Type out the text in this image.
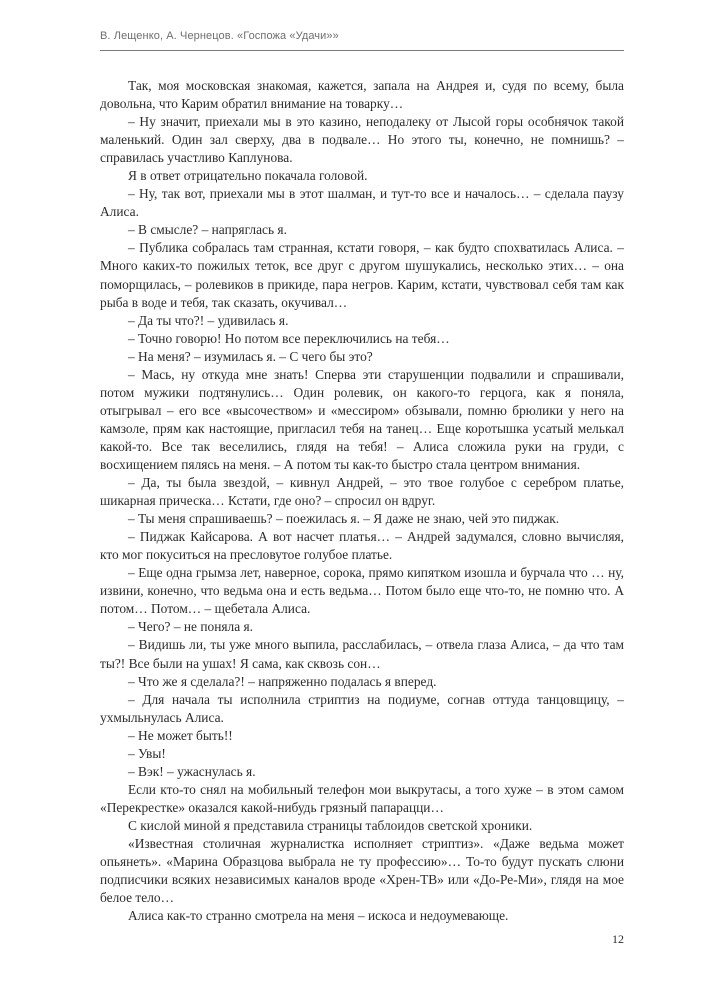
В. Лещенко, А. Чернецов. «Госпожа «Удачи»»

Так, моя московская знакомая, кажется, запала на Андрея и, судя по всему, была довольна, что Карим обратил внимание на товарку…

– Ну значит, приехали мы в это казино, неподалеку от Лысой горы особнячок такой маленький. Один зал сверху, два в подвале… Но этого ты, конечно, не помнишь? – справилась участливо Каплунова.

Я в ответ отрицательно покачала головой.

– Ну, так вот, приехали мы в этот шалман, и тут-то все и началось… – сделала паузу Алиса.

– В смысле? – напряглась я.

– Публика собралась там странная, кстати говоря, – как будто спохватилась Алиса. – Много каких-то пожилых теток, все друг с другом шушукались, несколько этих… – она поморщилась, – ролевиков в прикиде, пара негров. Карим, кстати, чувствовал себя там как рыба в воде и тебя, так сказать, окучивал…

– Да ты что?! – удивилась я.

– Точно говорю! Но потом все переключились на тебя…

– На меня? – изумилась я. – С чего бы это?

– Мась, ну откуда мне знать! Сперва эти старушенции подвалили и спрашивали, потом мужики подтянулись… Один ролевик, он какого-то герцога, как я поняла, отыгрывал – его все «высочеством» и «мессиром» обзывали, помню брюлики у него на камзоле, прям как настоящие, пригласил тебя на танец… Еще коротышка усатый мелькал какой-то. Все так веселились, глядя на тебя! – Алиса сложила руки на груди, с восхищением пялясь на меня. – А потом ты как-то быстро стала центром внимания.

– Да, ты была звездой, – кивнул Андрей, – это твое голубое с серебром платье, шикарная прическа… Кстати, где оно? – спросил он вдруг.

– Ты меня спрашиваешь? – поежилась я. – Я даже не знаю, чей это пиджак.

– Пиджак Кайсарова. А вот насчет платья… – Андрей задумался, словно вычисляя, кто мог покуситься на пресловутое голубое платье.

– Еще одна грымза лет, наверное, сорока, прямо кипятком изошла и бурчала что … ну, извини, конечно, что ведьма она и есть ведьма… Потом было еще что-то, не помню что. А потом… Потом… – щебетала Алиса.

– Чего? – не поняла я.

– Видишь ли, ты уже много выпила, расслабилась, – отвела глаза Алиса, – да что там ты?! Все были на ушах! Я сама, как сквозь сон…

– Что же я сделала?! – напряженно подалась я вперед.

– Для начала ты исполнила стриптиз на подиуме, согнав оттуда танцовщицу, – ухмыльнулась Алиса.

– Не может быть!!

– Увы!

– Вэк! – ужаснулась я.

Если кто-то снял на мобильный телефон мои выкрутасы, а того хуже – в этом самом «Перекрестке» оказался какой-нибудь грязный папарацци…

С кислой миной я представила страницы таблоидов светской хроники.

«Известная столичная журналистка исполняет стриптиз». «Даже ведьма может опьянеть». «Марина Образцова выбрала не ту профессию»… То-то будут пускать слюни подписчики всяких независимых каналов вроде «Хрен-ТВ» или «До-Ре-Ми», глядя на мое белое тело…

Алиса как-то странно смотрела на меня – искоса и недоумевающе.

12
